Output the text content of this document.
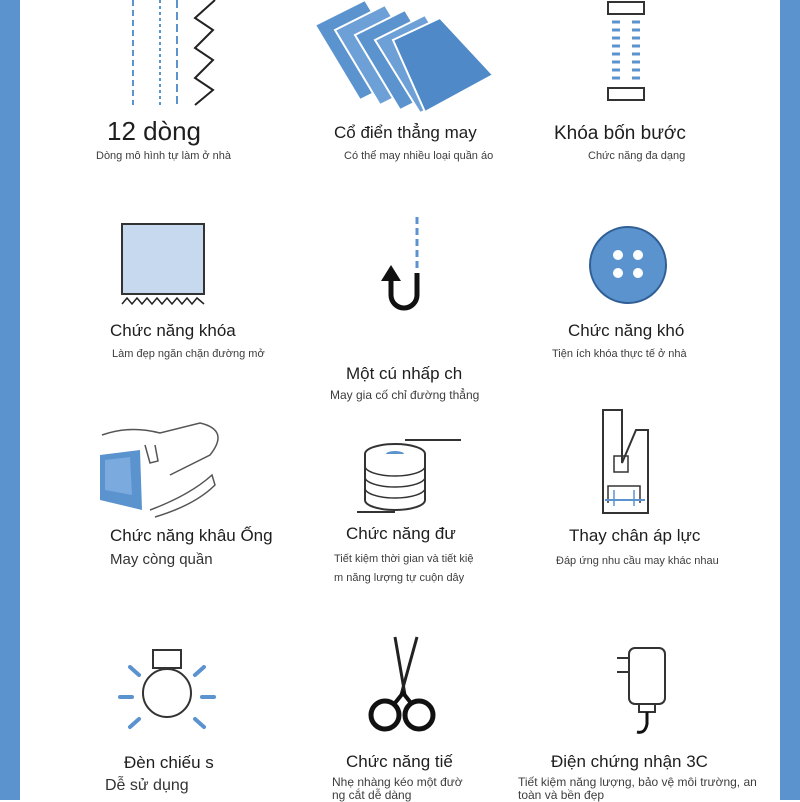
12 dòng
Dòng mô hình tự làm ở nhà
Cổ điển thẳng may
Có thể may nhiều loại quần áo
Khóa bốn bước
Chức năng đa dạng
Chức năng khóa
Làm đẹp ngăn chặn đường mở
Một cú nhấp ch
May gia cố chỉ đường thẳng
Chức năng khó
Tiện ích khóa thực tế ở nhà
Chức năng khâu Ống
May còng quần
Chức năng đư
Tiết kiệm thời gian và tiết kiệ
m năng lượng tự cuộn dây
Thay chân áp lực
Đáp ứng nhu cầu may khác nhau
Đèn chiếu s
Dễ sử dụng
Chức năng tiế
Nhẹ nhàng kéo một đườ
ng cắt dễ dàng
Điện chứng nhận 3C
Tiết kiệm năng lượng, bảo vệ môi trường, an
toàn và bền đẹp
